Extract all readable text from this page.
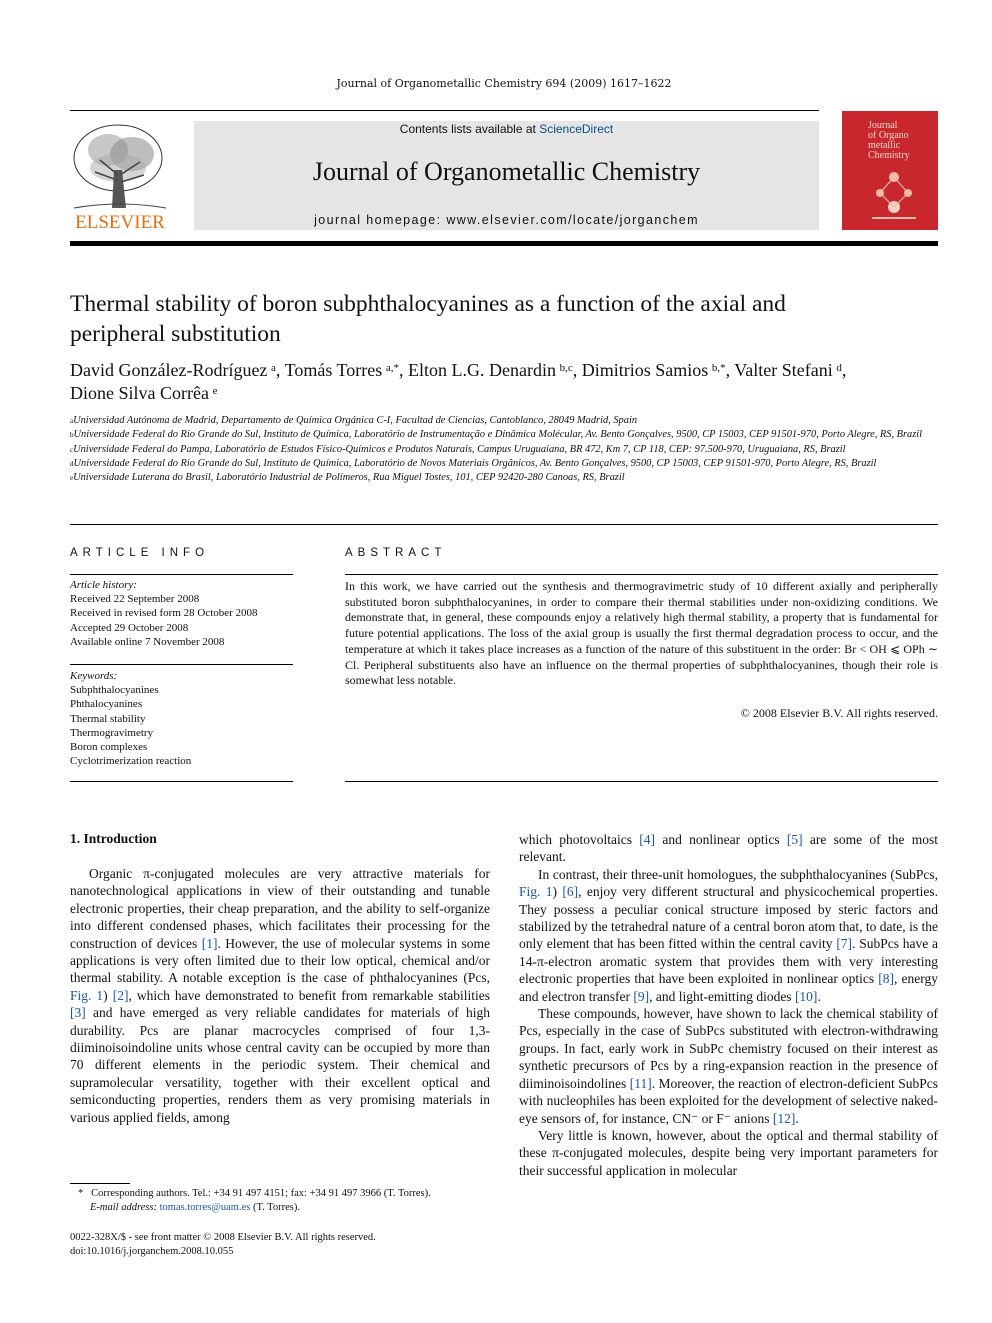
Journal of Organometallic Chemistry 694 (2009) 1617–1622
ELSEVIER
Contents lists available at ScienceDirect
Journal of Organometallic Chemistry
journal homepage: www.elsevier.com/locate/jorganchem
Journal
of Organo
metallic
Chemistry
Thermal stability of boron subphthalocyanines as a function of the axial and peripheral substitution
David González-Rodríguez  $^a$, Tomás Torres  $^{a,*}$, Elton L.G. Denardin  $^{b,c}$, Dimitrios Samios  $^{b,*}$, Valter Stefani  $^d$,
Dione Silva Corrêa  $^e$

$^a$Universidad Autónoma de Madrid, Departamento de Química Orgánica C-I, Facultad de Ciencias, Cantoblanco, 28049 Madrid, Spain

$^b$Universidade Federal do Rio Grande do Sul, Instituto de Química, Laboratório de Instrumentação e Dinâmica Molécular, Av. Bento Gonçalves, 9500, CP 15003, CEP 91501-970, Porto Alegre, RS, Brazil

$^c$Universidade Federal do Pampa, Laboratório de Estudos Físico-Químicos e Produtos Naturais, Campus Uruguaiana, BR 472, Km 7, CP 118, CEP: 97.500-970, Uruguaiana, RS, Brazil

$^d$Universidade Federal do Rio Grande do Sul, Instituto de Química, Laboratório de Novos Materiais Orgânicos, Av. Bento Gonçalves, 9500, CP 15003, CEP 91501-970, Porto Alegre, RS, Brazil

$^e$Universidade Luterana do Brasil, Laboratório Industrial de Polímeros, Rua Miguel Tostes, 101, CEP 92420-280 Canoas, RS, Brazil

ARTICLE INFO
Article history:
Received 22 September 2008
Received in revised form 28 October 2008
Accepted 29 October 2008
Available online 7 November 2008
Keywords:
Subphthalocyanines
Phthalocyanines
Thermal stability
Thermogravimetry
Boron complexes
Cyclotrimerization reaction
ABSTRACT
In this work, we have carried out the synthesis and thermogravimetric study of 10 different axially and peripherally substituted boron subphthalocyanines, in order to compare their thermal stabilities under non-oxidizing conditions. We demonstrate that, in general, these compounds enjoy a relatively high thermal stability, a property that is fundamental for future potential applications. The loss of the axial group is usually the first thermal degradation process to occur, and the temperature at which it takes place increases as a function of the nature of this substituent in the order: Br < OH ⩽ OPh ∼ Cl. Peripheral substituents also have an influence on the thermal properties of subphthalocyanines, though their role is somewhat less notable.
© 2008 Elsevier B.V. All rights reserved.
1. Introduction

Organic π-conjugated molecules are very attractive materials for nanotechnological applications in view of their outstanding and tunable electronic properties, their cheap preparation, and the ability to self-organize into different condensed phases, which facilitates their processing for the construction of devices [1]. However, the use of molecular systems in some applications is very often limited due to their low optical, chemical and/or thermal stability. A notable exception is the case of phthalocyanines (Pcs, Fig. 1) [2], which have demonstrated to benefit from remarkable stabilities [3] and have emerged as very reliable candidates for materials of high durability. Pcs are planar macrocycles comprised of four 1,3-diiminoisoindoline units whose central cavity can be occupied by more than 70 different elements in the periodic system. Their chemical and supramolecular versatility, together with their excellent optical and semiconducting properties, renders them as very promising materials in various applied fields, among

which photovoltaics [4] and nonlinear optics [5] are some of the most relevant.

In contrast, their three-unit homologues, the subphthalocyanines (SubPcs, Fig. 1) [6], enjoy very different structural and physicochemical properties. They possess a peculiar conical structure imposed by steric factors and stabilized by the tetrahedral nature of a central boron atom that, to date, is the only element that has been fitted within the central cavity [7]. SubPcs have a 14-π-electron aromatic system that provides them with very interesting electronic properties that have been exploited in nonlinear optics [8], energy and electron transfer [9], and light-emitting diodes [10].

These compounds, however, have shown to lack the chemical stability of Pcs, especially in the case of SubPcs substituted with electron-withdrawing groups. In fact, early work in SubPc chemistry focused on their interest as synthetic precursors of Pcs by a ring-expansion reaction in the presence of diiminoisoindolines [11]. Moreover, the reaction of electron-deficient SubPcs with nucleophiles has been exploited for the development of selective naked-eye sensors of, for instance, CN⁻ or F⁻ anions [12].

Very little is known, however, about the optical and thermal stability of these π-conjugated molecules, despite being very important parameters for their successful application in molecular

* Corresponding authors. Tel.: +34 91 497 4151; fax: +34 91 497 3966 (T. Torres).
E-mail address: tomas.torres@uam.es (T. Torres).
0022-328X/$ - see front matter © 2008 Elsevier B.V. All rights reserved.
doi:10.1016/j.jorganchem.2008.10.055
